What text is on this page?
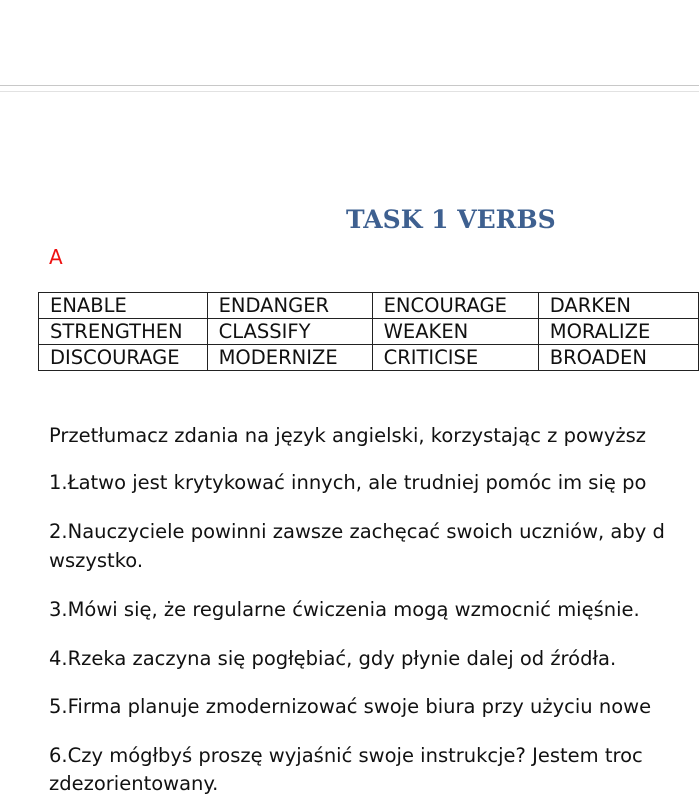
TASK 1 VERBS

A

ENABLE	ENDANGER	ENCOURAGE	DARKEN
STRENGTHEN	CLASSIFY	WEAKEN	MORALIZE
DISCOURAGE	MODERNIZE	CRITICISE	BROADEN

Przetłumacz zdania na język angielski, korzystając z powyższ

1.Łatwo jest krytykować innych, ale trudniej pomóc im się po

2.Nauczyciele powinni zawsze zachęcać swoich uczniów, aby d

wszystko.

3.Mówi się, że regularne ćwiczenia mogą wzmocnić mięśnie.

4.Rzeka zaczyna się pogłębiać, gdy płynie dalej od źródła.

5.Firma planuje zmodernizować swoje biura przy użyciu nowe

6.Czy mógłbyś proszę wyjaśnić swoje instrukcje? Jestem troc

zdezorientowany.
